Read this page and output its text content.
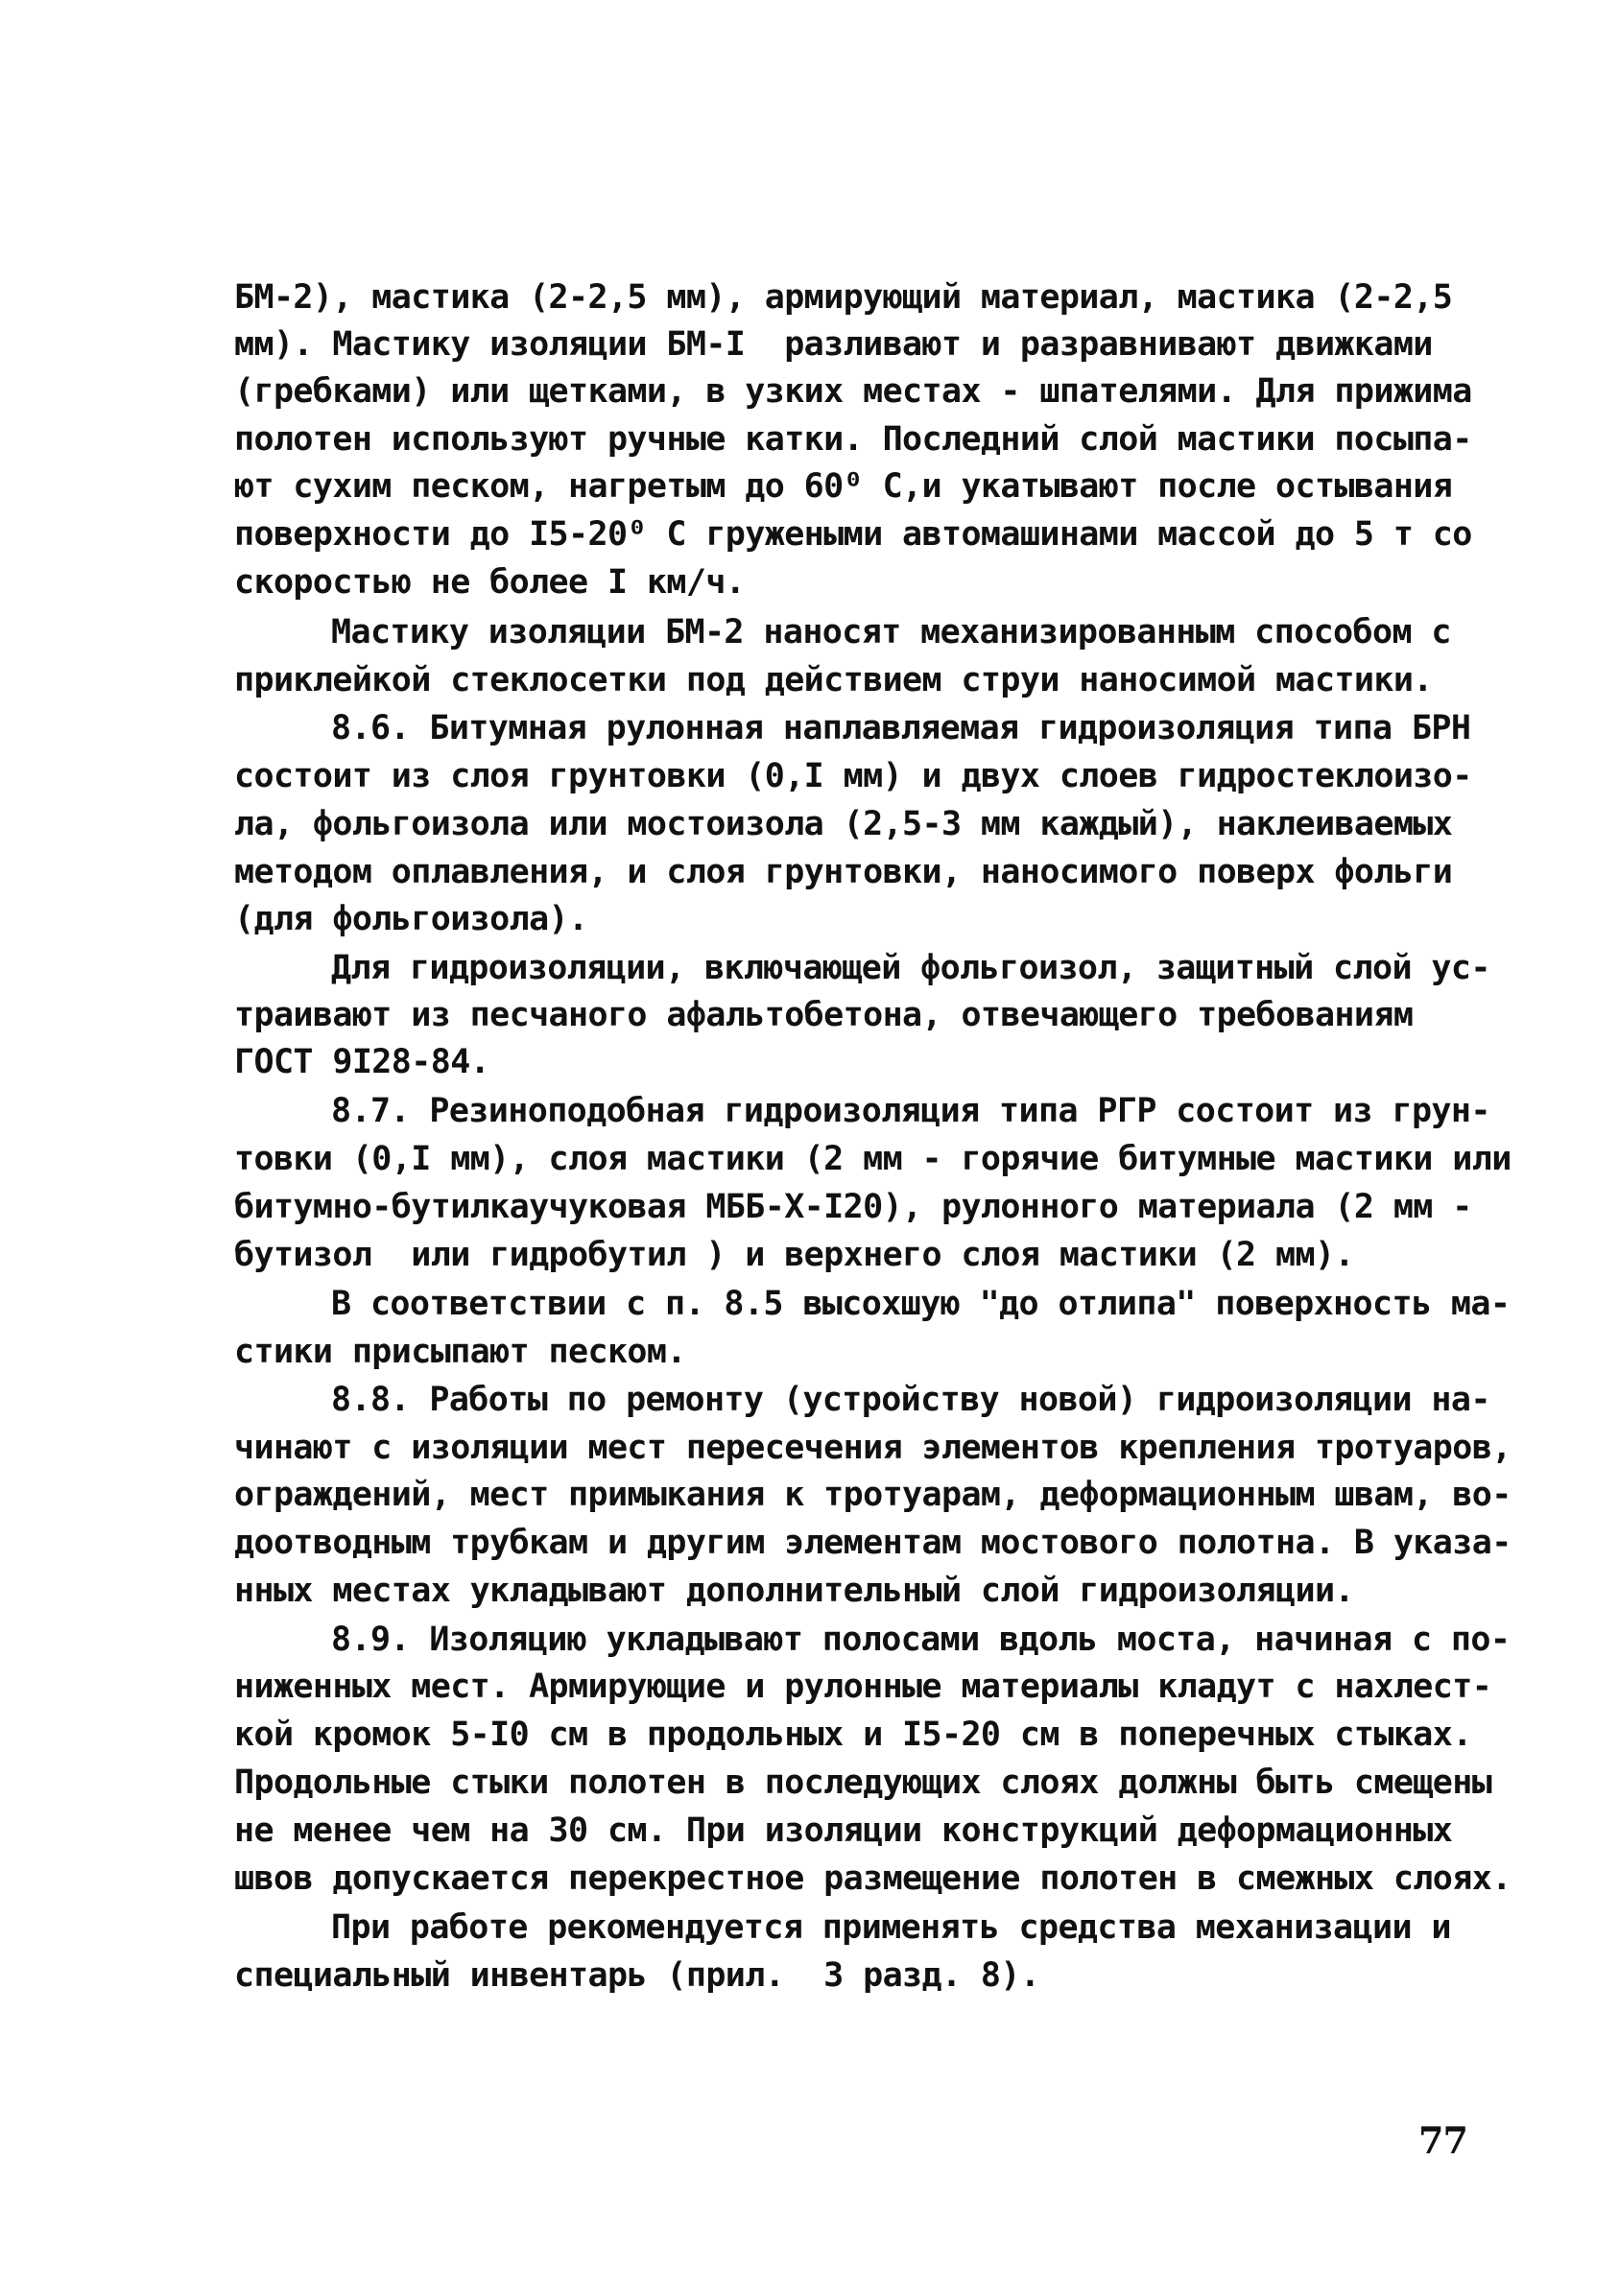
БМ-2), мастика (2-2,5 мм), армирующий материал, мастика (2-2,5
мм). Мастику изоляции БМ-I  разливают и разравнивают движками
(гребками) или щетками, в узких местах - шпателями. Для прижима
полотен используют ручные катки. Последний слой мастики посыпа-
ют сухим песком, нагретым до 60⁰ С,и укатывают после остывания
поверхности до I5-20⁰ С гружеными автомашинами массой до 5 т со
скоростью не более I км/ч.
Мастику изоляции БМ-2 наносят механизированным способом с
приклейкой стеклосетки под действием струи наносимой мастики.
8.6. Битумная рулонная наплавляемая гидроизоляция типа БРН
состоит из слоя грунтовки (0,I мм) и двух слоев гидростеклоизо-
ла, фольгоизола или мостоизола (2,5-3 мм каждый), наклеиваемых
методом оплавления, и слоя грунтовки, наносимого поверх фольги
(для фольгоизола).
Для гидроизоляции, включающей фольгоизол, защитный слой ус-
траивают из песчаного афальтобетона, отвечающего требованиям
ГОСТ 9I28-84.
8.7. Резиноподобная гидроизоляция типа РГР состоит из грун-
товки (0,I мм), слоя мастики (2 мм - горячие битумные мастики или
битумно-бутилкаучуковая МББ-Х-I20), рулонного материала (2 мм -
бутизол  или гидробутил ) и верхнего слоя мастики (2 мм).
В соответствии с п. 8.5 высохшую "до отлипа" поверхность ма-
стики присыпают песком.
8.8. Работы по ремонту (устройству новой) гидроизоляции на-
чинают с изоляции мест пересечения элементов крепления тротуаров,
ограждений, мест примыкания к тротуарам, деформационным швам, во-
доотводным трубкам и другим элементам мостового полотна. В указа-
нных местах укладывают дополнительный слой гидроизоляции.
8.9. Изоляцию укладывают полосами вдоль моста, начиная с по-
ниженных мест. Армирующие и рулонные материалы кладут с нахлест-
кой кромок 5-I0 см в продольных и I5-20 см в поперечных стыках.
Продольные стыки полотен в последующих слоях должны быть смещены
не менее чем на 30 см. При изоляции конструкций деформационныx
швов допускается перекрестное размещение полотен в смежных слоях.
При работе рекомендуется применять средства механизации и
специальный инвентарь (прил.  3 разд. 8).
77
